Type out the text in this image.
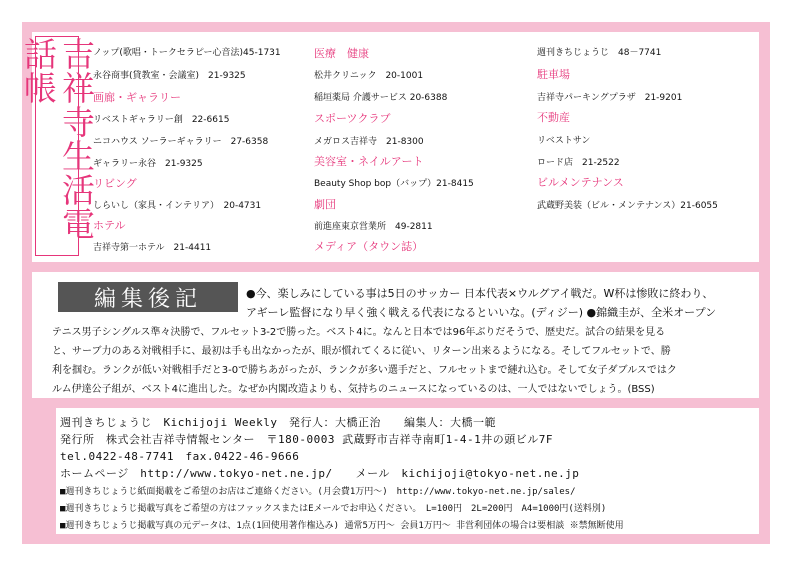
吉祥寺生活電話帳	ノップ(歌唱・トークセラピー心音法)45-1731
永谷商事(貸教室・会議室)　21-9325
画廊・ギャラリー
リベストギャラリー創　22-6615
ニコハウス ソーラーギャラリー　27-6358
ギャラリー永谷　21-9325
リビング
しらいし（家具・インテリア）　20-4731
ホテル
吉祥寺第一ホテル　21-4411
医療　健康
松井クリニック　20-1001
稲垣薬局 介護サービス 20-6388
スポーツクラブ
メガロス吉祥寺　21-8300
美容室・ネイルアート
Beauty Shop bop（バップ）21-8415
劇団
前進座東京営業所　49-2811
メディア（タウン誌）
週刊きちじょうじ　48－7741
駐車場
吉祥寺パーキングプラザ　21-9201
不動産
リベストサン
ロード店　21-2522
ビルメンテナンス
武蔵野美装（ビル・メンテナンス）21-6055
編集後記	●今、楽しみにしている事は5日のサッカー 日本代表×ウルグアイ戦だ。W杯は惨敗に終わり、
アギーレ監督になり早く強く戦える代表になるといいな。(ディジー) ●錦織圭が、全米オープン
テニス男子シングルス準々決勝で、フルセット3-2で勝った。ベスト4に。なんと日本では96年ぶりだそうで、歴史だ。試合の結果を見る
と、サーブ力のある対戦相手に、最初は手も出なかったが、眼が慣れてくるに従い、リターン出来るようになる。そしてフルセットで、勝
利を掴む。ランクが低い対戦相手だと3-0で勝ちあがったが、ランクが多い選手だと、フルセットまで縺れ込む。そして女子ダブルスではク
ルム伊達公子組が、ベスト4に進出した。なぜか内閣改造よりも、気持ちのニュースになっているのは、一人ではないでしょう。(BSS)
週刊きちじょうじ　Kichijoji Weekly　発行人：大橋正治　　編集人：大橋一範
発行所　株式会社吉祥寺情報センター　〒180-0003 武蔵野市吉祥寺南町1-4-1井の頭ビル7F
tel.0422-48-7741　fax.0422-46-9666
ホームページ　http://www.tokyo-net.ne.jp/　　メール　kichijoji@tokyo-net.ne.jp
■週刊きちじょうじ紙面掲載をご希望のお店はご連絡ください。(月会費1万円～)　http://www.tokyo-net.ne.jp/sales/
■週刊きちじょうじ掲載写真をご希望の方はファックスまたはEメールでお申込ください。　L=100円　2L=200円　A4=1000円(送料別)
■週刊きちじょうじ掲載写真の元データは、1点(1回使用著作権込み) 通常5万円～ 会員1万円～ 非営利団体の場合は要相談 ※禁無断使用
